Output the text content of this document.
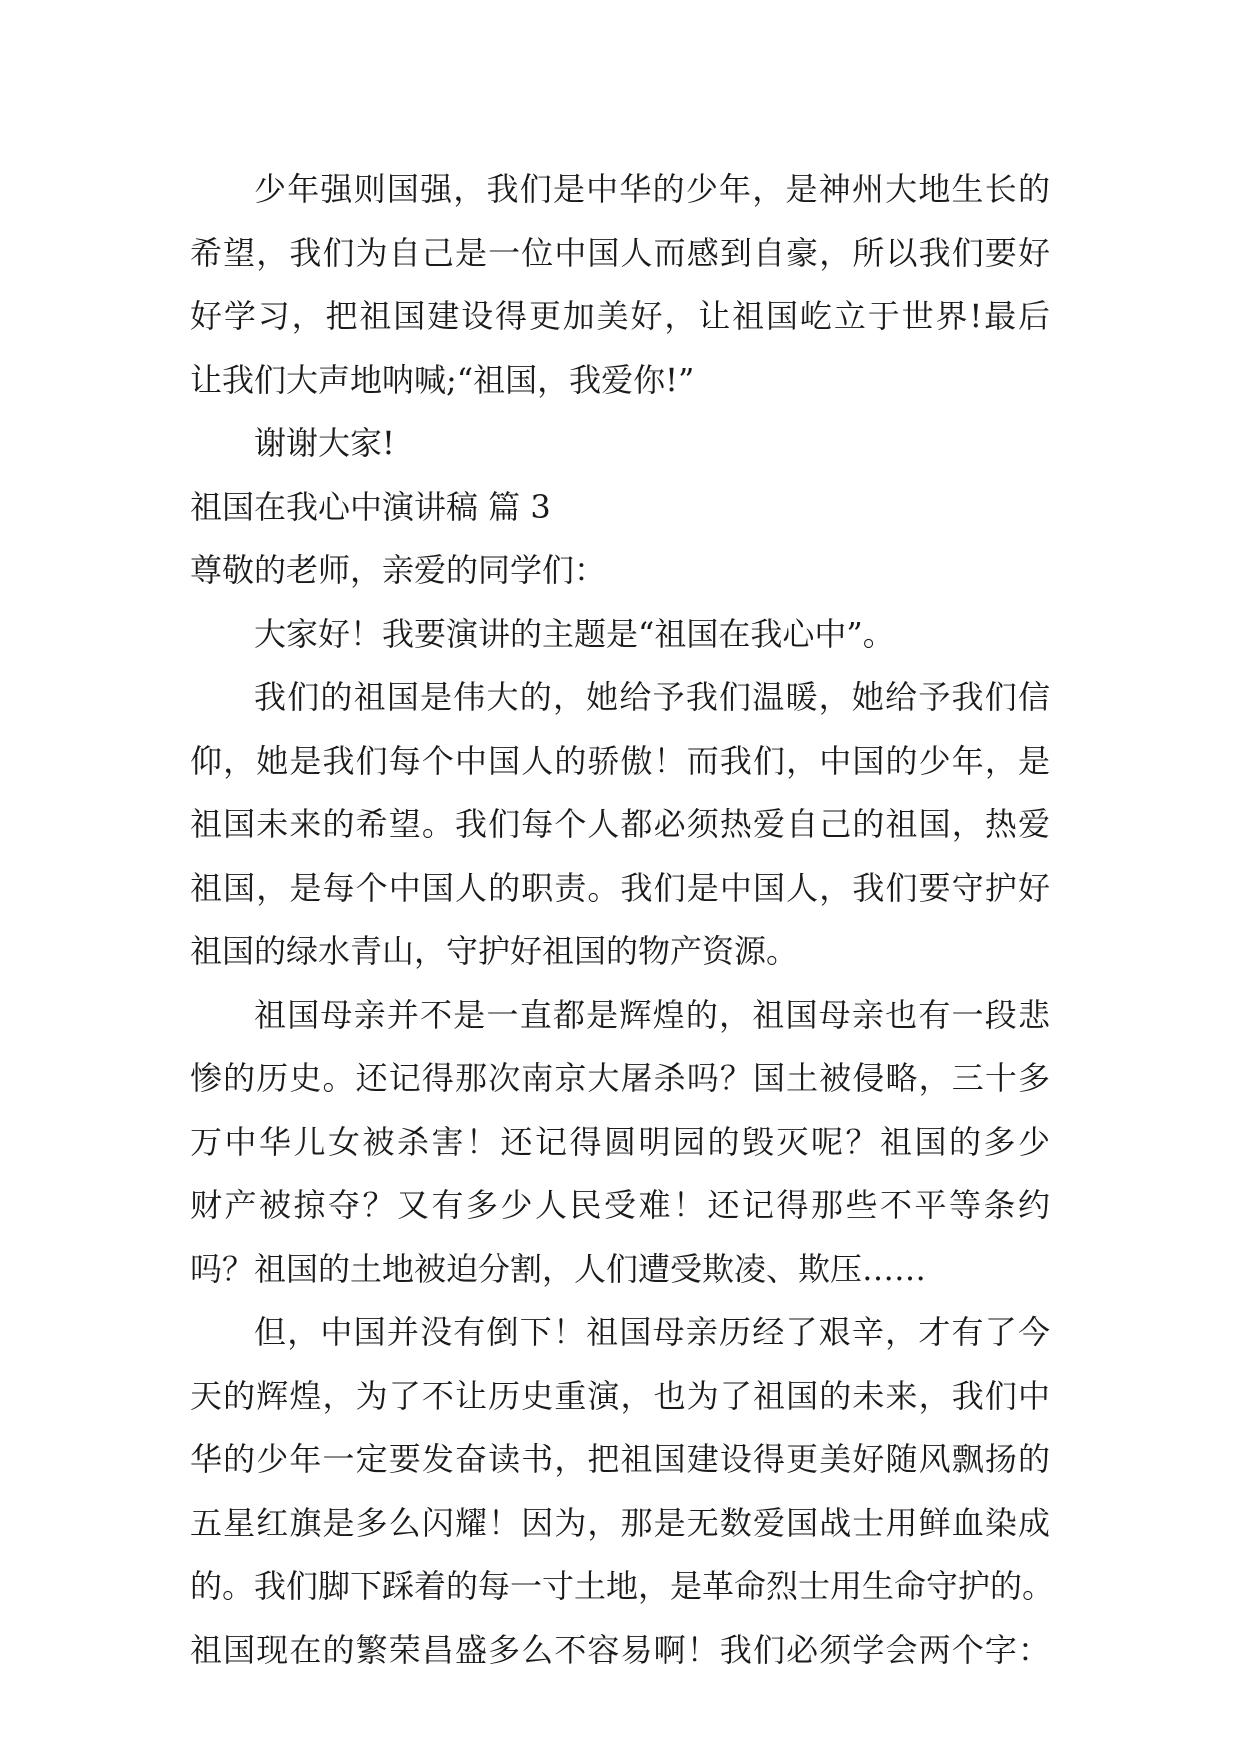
少年强则国强，我们是中华的少年，是神州大地生长的
希望，我们为自己是一位中国人而感到自豪，所以我们要好
好学习，把祖国建设得更加美好，让祖国屹立于世界!最后
让我们大声地呐喊;“祖国，我爱你!”
谢谢大家!
祖国在我心中演讲稿 篇 3
尊敬的老师，亲爱的同学们：
大家好！我要演讲的主题是“祖国在我心中”。
我们的祖国是伟大的，她给予我们温暖，她给予我们信
仰，她是我们每个中国人的骄傲！而我们，中国的少年，是
祖国未来的希望。我们每个人都必须热爱自己的祖国，热爱
祖国，是每个中国人的职责。我们是中国人，我们要守护好
祖国的绿水青山，守护好祖国的物产资源。
祖国母亲并不是一直都是辉煌的，祖国母亲也有一段悲
惨的历史。还记得那次南京大屠杀吗？国土被侵略，三十多
万中华儿女被杀害！还记得圆明园的毁灭呢？祖国的多少
财产被掠夺？又有多少人民受难！还记得那些不平等条约
吗？祖国的土地被迫分割，人们遭受欺凌、欺压……
但，中国并没有倒下！祖国母亲历经了艰辛，才有了今
天的辉煌，为了不让历史重演，也为了祖国的未来，我们中
华的少年一定要发奋读书，把祖国建设得更美好随风飘扬的
五星红旗是多么闪耀！因为，那是无数爱国战士用鲜血染成
的。我们脚下踩着的每一寸土地，是革命烈士用生命守护的。
祖国现在的繁荣昌盛多么不容易啊！我们必须学会两个字：
